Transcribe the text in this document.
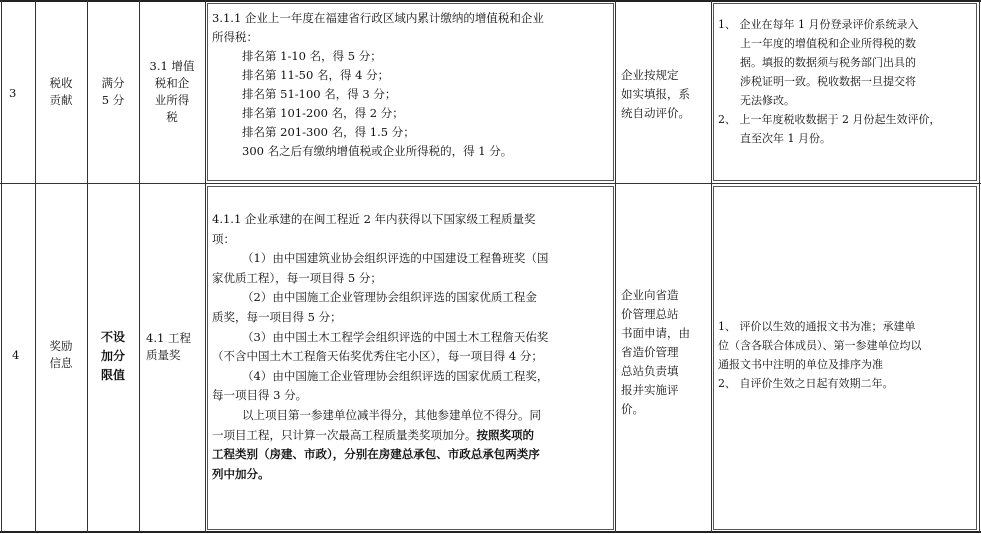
3
税收
贡献
满分
5 分
3.1 增值
税和企
业所得
税
3.1.1 企业上一年度在福建省行政区域内累计缴纳的增值税和企业
所得税：
排名第 1-10 名，得 5 分；
排名第 11-50 名，得 4 分；
排名第 51-100 名，得 3 分；
排名第 101-200 名，得 2 分；
排名第 201-300 名，得 1.5 分；
300 名之后有缴纳增值税或企业所得税的，得 1 分。
企业按规定
如实填报，系
统自动评价。
1、 企业在每年 1 月份登录评价系统录入
上一年度的增值税和企业所得税的数
据。填报的数据须与税务部门出具的
涉税证明一致。税收数据一旦提交将
无法修改。
2、 上一年度税收数据于 2 月份起生效评价，
直至次年 1 月份。
4
奖励
信息
不设
加分
限值
4.1 工程
质量奖
4.1.1 企业承建的在闽工程近 2 年内获得以下国家级工程质量奖
项：
（1）由中国建筑业协会组织评选的中国建设工程鲁班奖（国
家优质工程），每一项目得 5 分；
（2）由中国施工企业管理协会组织评选的国家优质工程金
质奖，每一项目得 5 分；
（3）由中国土木工程学会组织评选的中国土木工程詹天佑奖
（不含中国土木工程詹天佑奖优秀住宅小区），每一项目得 4 分；
（4）由中国施工企业管理协会组织评选的国家优质工程奖，
每一项目得 3 分。
以上项目第一参建单位减半得分，其他参建单位不得分。同
一项目工程，只计算一次最高工程质量类奖项加分。按照奖项的
工程类别（房建、市政），分别在房建总承包、市政总承包两类序
列中加分。
企业向省造
价管理总站
书面申请，由
省造价管理
总站负责填
报并实施评
价。
1、 评价以生效的通报文书为准；承建单
位（含各联合体成员）、第一参建单位均以
通报文书中注明的单位及排序为准
2、 自评价生效之日起有效期二年。
